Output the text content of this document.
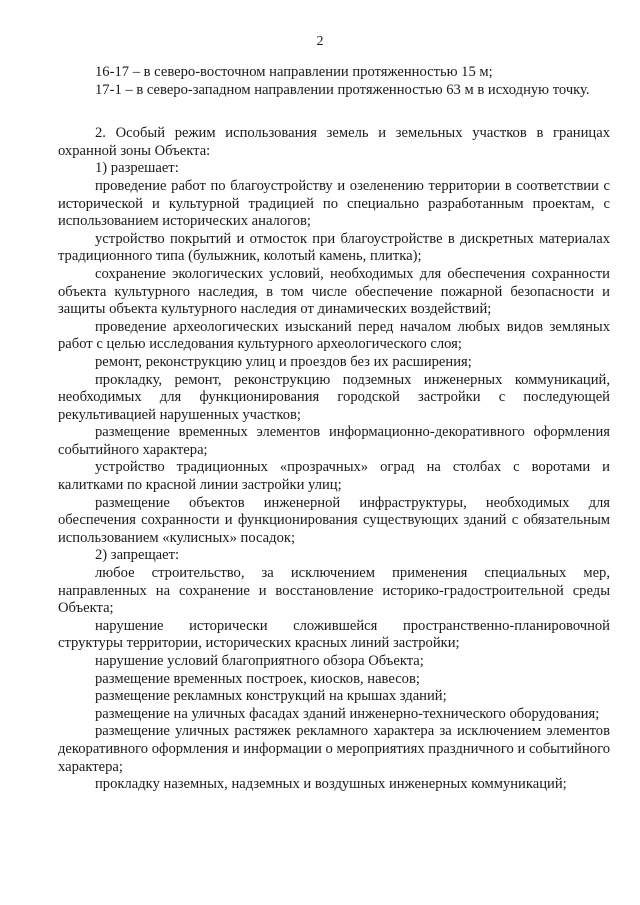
2

16-17 – в северо-восточном направлении протяженностью 15 м;

17-1 – в северо-западном направлении протяженностью 63 м в исходную точку.

2. Особый режим использования земель и земельных участков в границах охранной зоны Объекта:

1) разрешает:

проведение работ по благоустройству и озеленению территории в соответствии с исторической и культурной традицией по специально разработанным проектам, с использованием исторических аналогов;

устройство покрытий и отмосток при благоустройстве в дискретных материалах традиционного типа (булыжник, колотый камень, плитка);

сохранение экологических условий, необходимых для обеспечения сохранности объекта культурного наследия, в том числе обеспечение пожарной безопасности и защиты объекта культурного наследия от динамических воздействий;

проведение археологических изысканий перед началом любых видов земляных работ с целью исследования культурного археологического слоя;

ремонт, реконструкцию улиц и проездов без их расширения;

прокладку, ремонт, реконструкцию подземных инженерных коммуникаций, необходимых для функционирования городской застройки с последующей рекультивацией нарушенных участков;

размещение временных элементов информационно-декоративного оформления событийного характера;

устройство традиционных «прозрачных» оград на столбах с воротами и калитками по красной линии застройки улиц;

размещение объектов инженерной инфраструктуры, необходимых для обеспечения сохранности и функционирования существующих зданий с обязательным использованием «кулисных» посадок;

2) запрещает:

любое строительство, за исключением применения специальных мер, направленных на сохранение и восстановление историко-градостроительной среды Объекта;

нарушение исторически сложившейся пространственно-планировочной структуры территории, исторических красных линий застройки;

нарушение условий благоприятного обзора Объекта;

размещение временных построек, киосков, навесов;

размещение рекламных конструкций на крышах зданий;

размещение на уличных фасадах зданий инженерно-технического оборудования;

размещение уличных растяжек рекламного характера за исключением элементов декоративного оформления и информации о мероприятиях праздничного и событийного характера;

прокладку наземных, надземных и воздушных инженерных коммуникаций;
